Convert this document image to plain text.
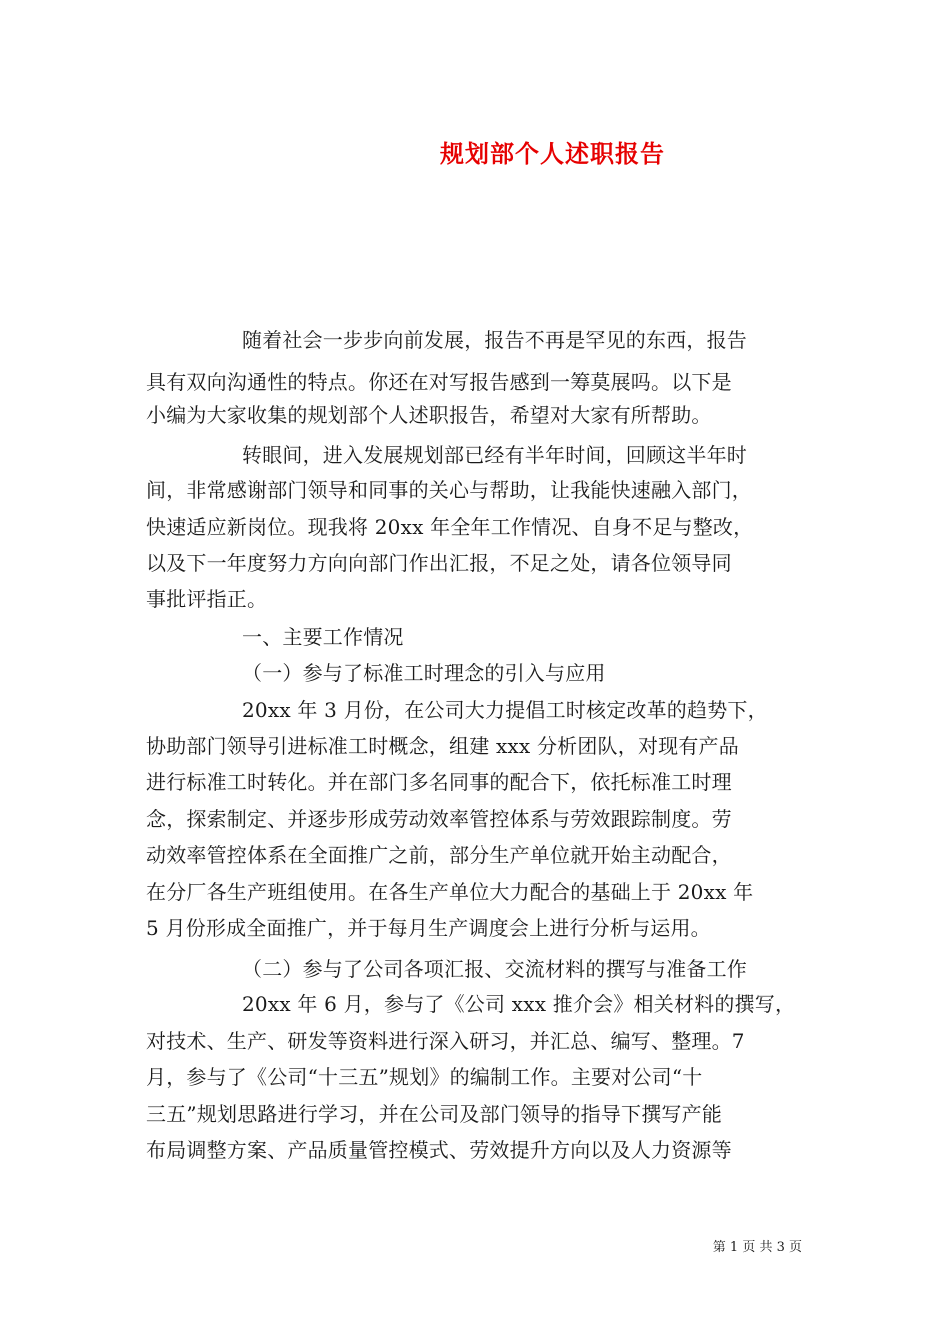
规划部个人述职报告
随着社会一步步向前发展，报告不再是罕见的东西，报告
具有双向沟通性的特点。你还在对写报告感到一筹莫展吗。以下是
小编为大家收集的规划部个人述职报告，希望对大家有所帮助。
转眼间，进入发展规划部已经有半年时间，回顾这半年时
间，非常感谢部门领导和同事的关心与帮助，让我能快速融入部门，
快速适应新岗位。现我将 20xx 年全年工作情况、自身不足与整改，
以及下一年度努力方向向部门作出汇报，不足之处，请各位领导同
事批评指正。
一、主要工作情况
（一）参与了标准工时理念的引入与应用
20xx 年 3 月份，在公司大力提倡工时核定改革的趋势下，
协助部门领导引进标准工时概念，组建 xxx 分析团队，对现有产品
进行标准工时转化。并在部门多名同事的配合下，依托标准工时理
念，探索制定、并逐步形成劳动效率管控体系与劳效跟踪制度。劳
动效率管控体系在全面推广之前，部分生产单位就开始主动配合，
在分厂各生产班组使用。在各生产单位大力配合的基础上于 20xx 年
5 月份形成全面推广，并于每月生产调度会上进行分析与运用。
（二）参与了公司各项汇报、交流材料的撰写与准备工作
20xx 年 6 月，参与了《公司 xxx 推介会》相关材料的撰写，
对技术、生产、研发等资料进行深入研习，并汇总、编写、整理。7
月，参与了《公司“十三五”规划》的编制工作。主要对公司“十
三五”规划思路进行学习，并在公司及部门领导的指导下撰写产能
布局调整方案、产品质量管控模式、劳效提升方向以及人力资源等
第 1 页 共 3 页
